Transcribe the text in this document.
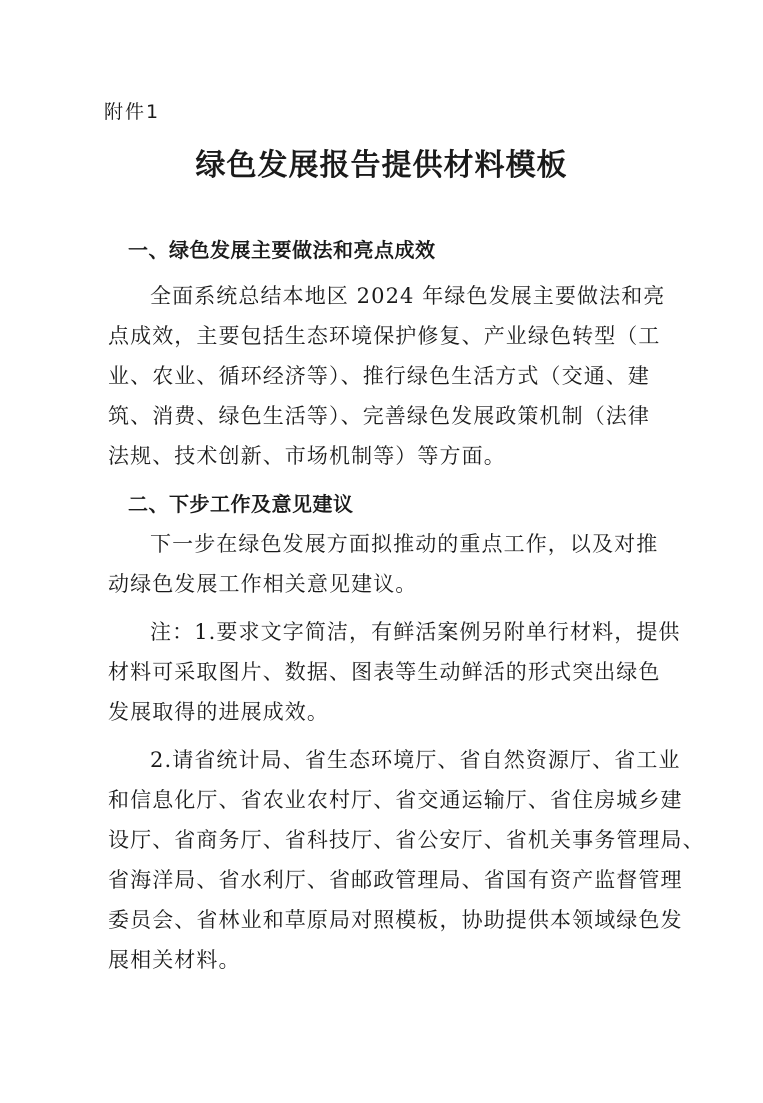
附件1

绿色发展报告提供材料模板

一、绿色发展主要做法和亮点成效

全面系统总结本地区 2024 年绿色发展主要做法和亮

点成效，主要包括生态环境保护修复、产业绿色转型（工

业、农业、循环经济等）、推行绿色生活方式（交通、建

筑、消费、绿色生活等）、完善绿色发展政策机制（法律

法规、技术创新、市场机制等）等方面。

二、下步工作及意见建议

下一步在绿色发展方面拟推动的重点工作，以及对推

动绿色发展工作相关意见建议。

注：1.要求文字简洁，有鲜活案例另附单行材料，提供

材料可采取图片、数据、图表等生动鲜活的形式突出绿色

发展取得的进展成效。

2.请省统计局、省生态环境厅、省自然资源厅、省工业

和信息化厅、省农业农村厅、省交通运输厅、省住房城乡建

设厅、省商务厅、省科技厅、省公安厅、省机关事务管理局、

省海洋局、省水利厅、省邮政管理局、省国有资产监督管理

委员会、省林业和草原局对照模板，协助提供本领域绿色发

展相关材料。
